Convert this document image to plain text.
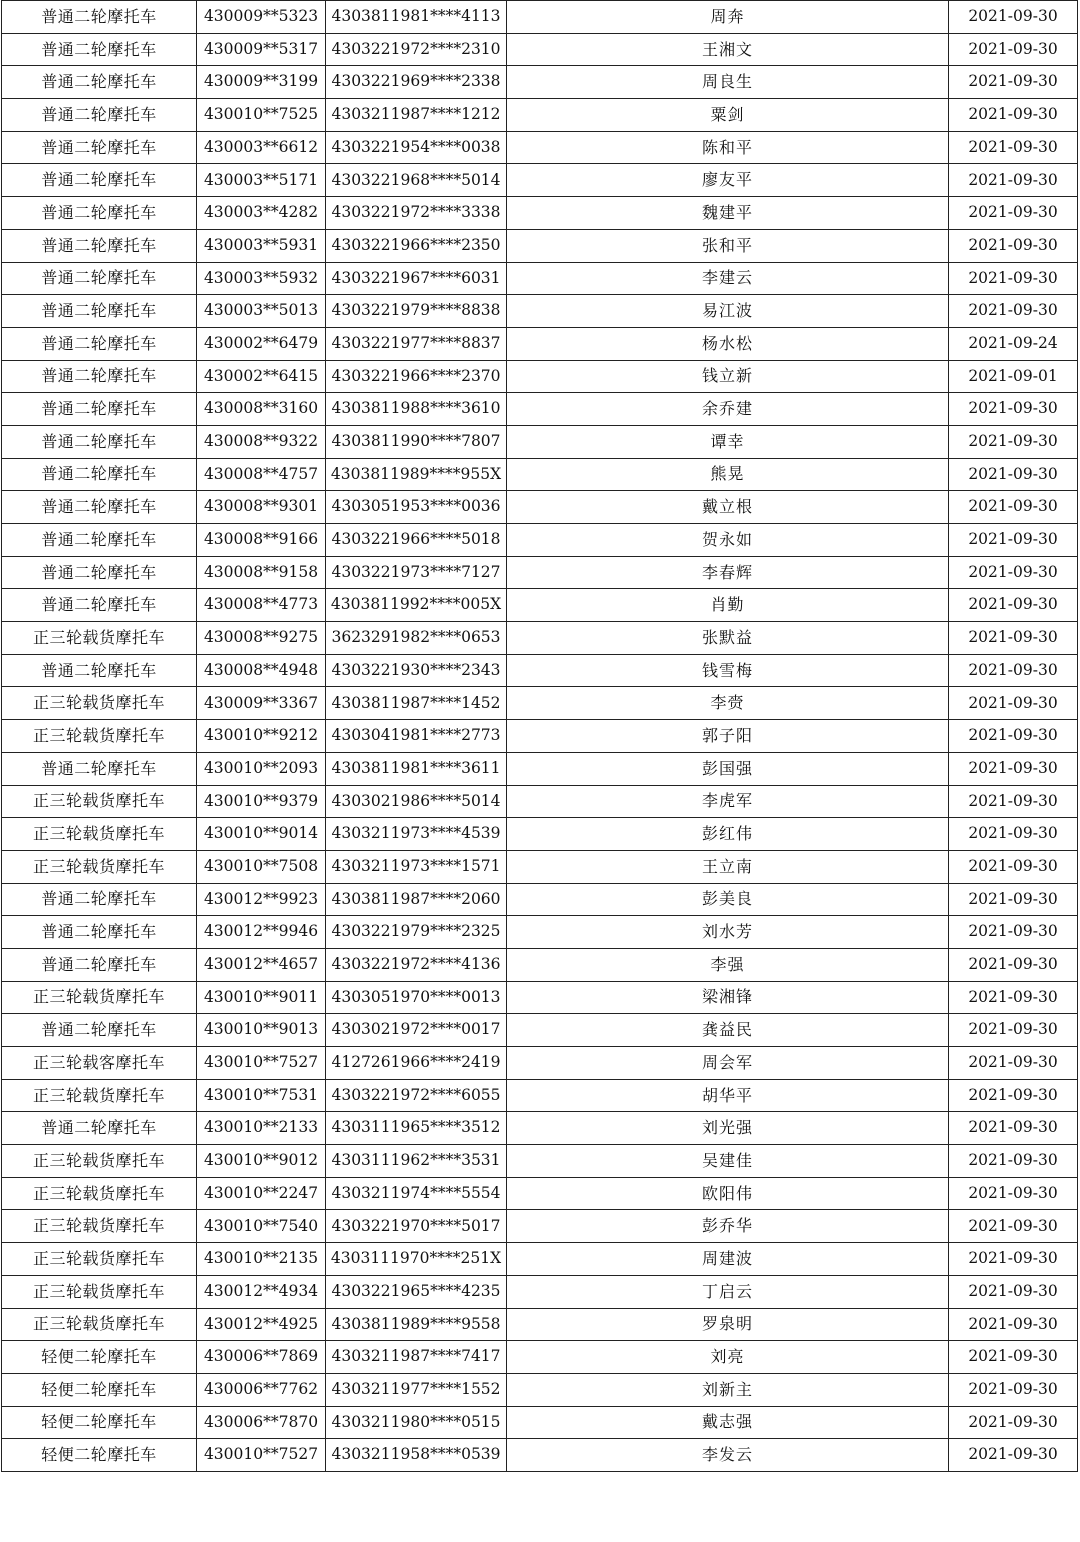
普通二轮摩托车	430009**5323	4303811981****4113	周奔	2021-09-30
普通二轮摩托车	430009**5317	4303221972****2310	王湘文	2021-09-30
普通二轮摩托车	430009**3199	4303221969****2338	周良生	2021-09-30
普通二轮摩托车	430010**7525	4303211987****1212	粟剑	2021-09-30
普通二轮摩托车	430003**6612	4303221954****0038	陈和平	2021-09-30
普通二轮摩托车	430003**5171	4303221968****5014	廖友平	2021-09-30
普通二轮摩托车	430003**4282	4303221972****3338	魏建平	2021-09-30
普通二轮摩托车	430003**5931	4303221966****2350	张和平	2021-09-30
普通二轮摩托车	430003**5932	4303221967****6031	李建云	2021-09-30
普通二轮摩托车	430003**5013	4303221979****8838	易江波	2021-09-30
普通二轮摩托车	430002**6479	4303221977****8837	杨水松	2021-09-24
普通二轮摩托车	430002**6415	4303221966****2370	钱立新	2021-09-01
普通二轮摩托车	430008**3160	4303811988****3610	余乔建	2021-09-30
普通二轮摩托车	430008**9322	4303811990****7807	谭幸	2021-09-30
普通二轮摩托车	430008**4757	4303811989****955X	熊晃	2021-09-30
普通二轮摩托车	430008**9301	4303051953****0036	戴立根	2021-09-30
普通二轮摩托车	430008**9166	4303221966****5018	贺永如	2021-09-30
普通二轮摩托车	430008**9158	4303221973****7127	李春辉	2021-09-30
普通二轮摩托车	430008**4773	4303811992****005X	肖勤	2021-09-30
正三轮载货摩托车	430008**9275	3623291982****0653	张默益	2021-09-30
普通二轮摩托车	430008**4948	4303221930****2343	钱雪梅	2021-09-30
正三轮载货摩托车	430009**3367	4303811987****1452	李赍	2021-09-30
正三轮载货摩托车	430010**9212	4303041981****2773	郭子阳	2021-09-30
普通二轮摩托车	430010**2093	4303811981****3611	彭国强	2021-09-30
正三轮载货摩托车	430010**9379	4303021986****5014	李虎军	2021-09-30
正三轮载货摩托车	430010**9014	4303211973****4539	彭红伟	2021-09-30
正三轮载货摩托车	430010**7508	4303211973****1571	王立南	2021-09-30
普通二轮摩托车	430012**9923	4303811987****2060	彭美良	2021-09-30
普通二轮摩托车	430012**9946	4303221979****2325	刘水芳	2021-09-30
普通二轮摩托车	430012**4657	4303221972****4136	李强	2021-09-30
正三轮载货摩托车	430010**9011	4303051970****0013	梁湘锋	2021-09-30
普通二轮摩托车	430010**9013	4303021972****0017	龚益民	2021-09-30
正三轮载客摩托车	430010**7527	4127261966****2419	周会军	2021-09-30
正三轮载货摩托车	430010**7531	4303221972****6055	胡华平	2021-09-30
普通二轮摩托车	430010**2133	4303111965****3512	刘光强	2021-09-30
正三轮载货摩托车	430010**9012	4303111962****3531	吴建佳	2021-09-30
正三轮载货摩托车	430010**2247	4303211974****5554	欧阳伟	2021-09-30
正三轮载货摩托车	430010**7540	4303221970****5017	彭乔华	2021-09-30
正三轮载货摩托车	430010**2135	4303111970****251X	周建波	2021-09-30
正三轮载货摩托车	430012**4934	4303221965****4235	丁启云	2021-09-30
正三轮载货摩托车	430012**4925	4303811989****9558	罗泉明	2021-09-30
轻便二轮摩托车	430006**7869	4303211987****7417	刘亮	2021-09-30
轻便二轮摩托车	430006**7762	4303211977****1552	刘新主	2021-09-30
轻便二轮摩托车	430006**7870	4303211980****0515	戴志强	2021-09-30
轻便二轮摩托车	430010**7527	4303211958****0539	李发云	2021-09-30
